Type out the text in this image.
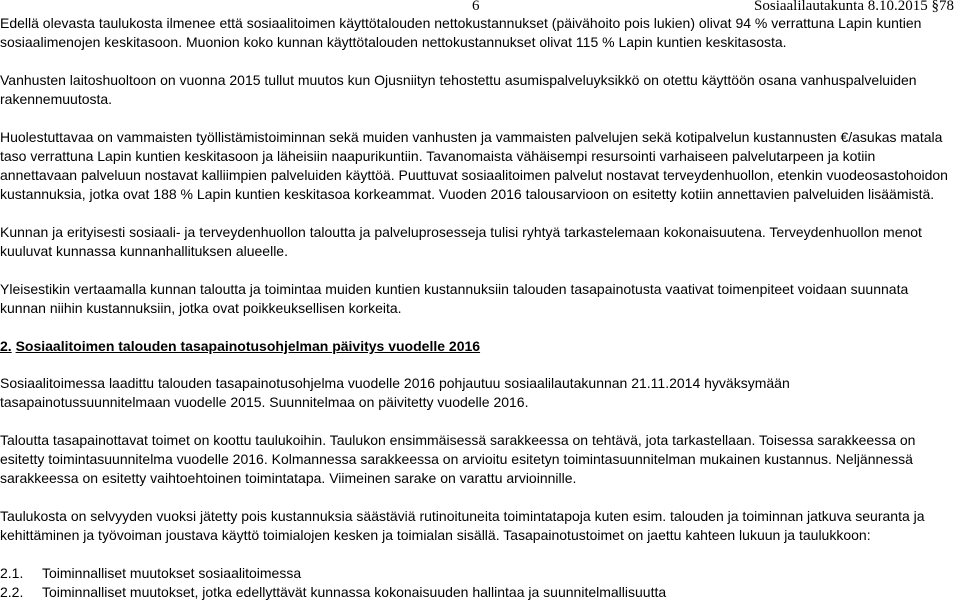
6	Sosiaalilautakunta 8.10.2015 §78

Edellä olevasta taulukosta ilmenee että sosiaalitoimen käyttötalouden nettokustannukset (päivähoito pois lukien) olivat 94 % verrattuna Lapin kuntien sosiaalimenojen keskitasoon. Muonion koko kunnan käyttötalouden nettokustannukset olivat 115 % Lapin kuntien keskitasosta.

Vanhusten laitoshuoltoon on vuonna 2015 tullut muutos kun Ojusniityn tehostettu asumispalveluyksikkö on otettu käyttöön osana vanhuspalveluiden rakennemuutosta.

Huolestuttavaa on vammaisten työllistämistoiminnan sekä muiden vanhusten ja vammaisten palvelujen sekä kotipalvelun kustannusten €/asukas matala taso verrattuna Lapin kuntien keskitasoon ja läheisiin naapurikuntiin. Tavanomaista vähäisempi resursointi varhaiseen palvelutarpeen ja kotiin annettavaan palveluun nostavat kalliimpien palveluiden käyttöä. Puuttuvat sosiaalitoimen palvelut nostavat terveydenhuollon, etenkin vuodeosastohoidon kustannuksia, jotka ovat 188 % Lapin kuntien keskitasoa korkeammat. Vuoden 2016 talousarvioon on esitetty kotiin annettavien palveluiden lisäämistä.

Kunnan ja erityisesti sosiaali- ja terveydenhuollon taloutta ja palveluprosesseja tulisi ryhtyä tarkastelemaan kokonaisuutena. Terveydenhuollon menot kuuluvat kunnassa kunnanhallituksen alueelle.

Yleisestikin vertaamalla kunnan taloutta ja toimintaa muiden kuntien kustannuksiin talouden tasapainotusta vaativat toimenpiteet voidaan suunnata kunnan niihin kustannuksiin, jotka ovat poikkeuksellisen korkeita.

2. Sosiaalitoimen talouden tasapainotusohjelman päivitys vuodelle 2016

Sosiaalitoimessa laadittu talouden tasapainotusohjelma vuodelle 2016 pohjautuu sosiaalilautakunnan 21.11.2014 hyväksymään tasapainotussuunnitelmaan vuodelle 2015. Suunnitelmaa on päivitetty vuodelle 2016.

Taloutta tasapainottavat toimet on koottu taulukoihin. Taulukon ensimmäisessä sarakkeessa on tehtävä, jota tarkastellaan. Toisessa sarakkeessa on esitetty toimintasuunnitelma vuodelle 2016. Kolmannessa sarakkeessa on arvioitu esitetyn toimintasuunnitelman mukainen kustannus. Neljännessä sarakkeessa on esitetty vaihtoehtoinen toimintatapa. Viimeinen sarake on varattu arvioinnille.

Taulukosta on selvyyden vuoksi jätetty pois kustannuksia säästäviä rutinoituneita toimintatapoja kuten esim. talouden ja toiminnan jatkuva seuranta ja kehittäminen ja työvoiman joustava käyttö toimialojen kesken ja toimialan sisällä. Tasapainotustoimet on jaettu kahteen lukuun ja taulukkoon:

2.1.	Toiminnalliset muutokset sosiaalitoimessa
2.2.	Toiminnalliset muutokset, jotka edellyttävät kunnassa kokonaisuuden hallintaa ja suunnitelmallisuutta
